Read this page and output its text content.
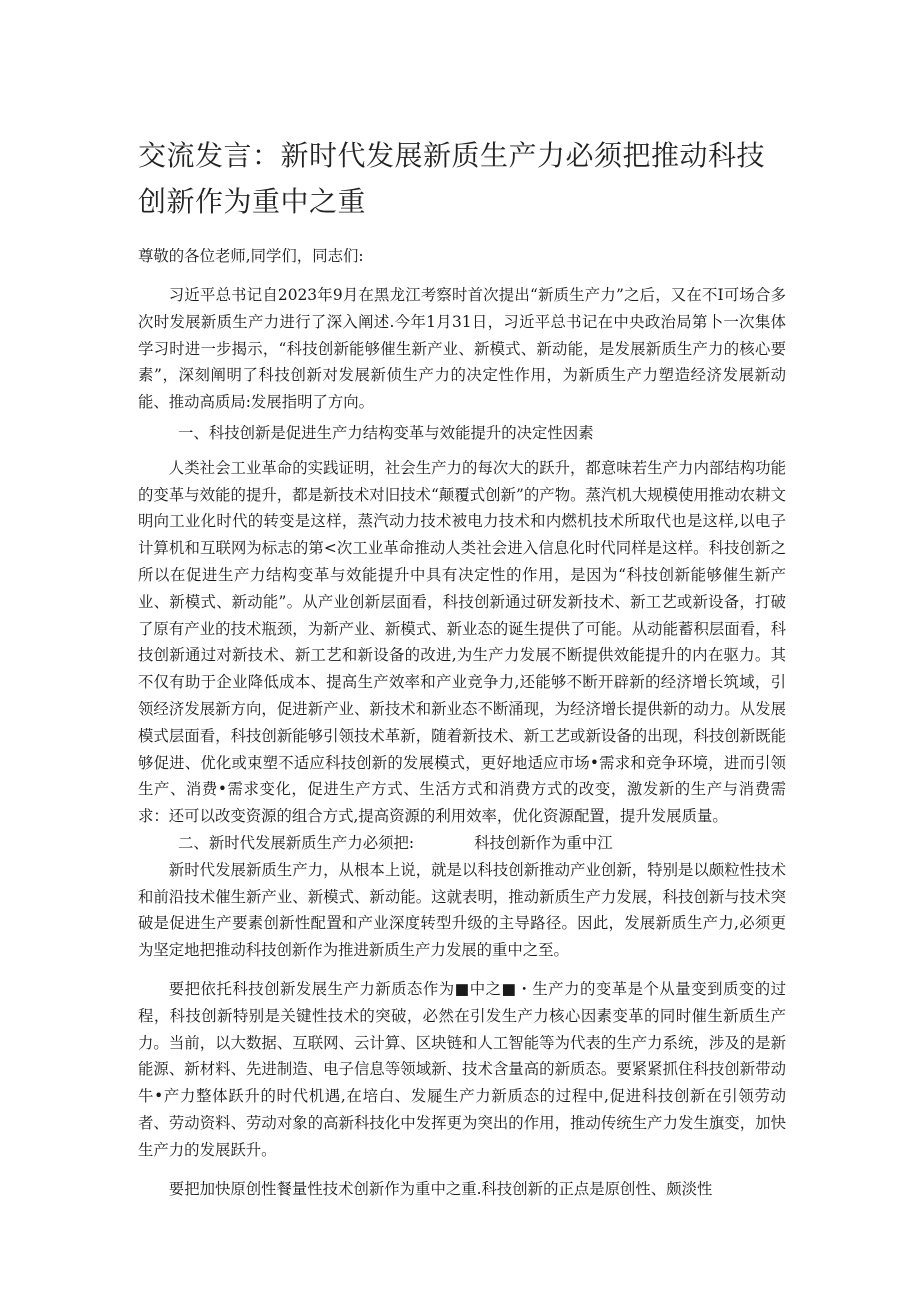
交流发言：新时代发展新质生产力必须把推动科技创新作为重中之重

尊敬的各位老师,同学们，同志们:

习近平总书记自2023年9月在黑龙江考察时首次提出“新质生产力”之后，又在不I可场合多次时发展新质生产力进行了深入阐述.今年1月31日，习近平总书记在中央政治局第卜一次集体学习时进一步揭示，“科技创新能够催生新产业、新模式、新动能，是发展新质生产力的核心要素”，深刻阐明了科技创新对发展新侦生产力的决定性作用，为新质生产力塑造经济发展新动能、推动高质局:发展指明了方向。

一、科技创新是促进生产力结构变革与效能提升的决定性因素

人类社会工业革命的实践证明，社会生产力的每次大的跃升，都意味若生产力内部结构功能的变革与效能的提升，都是新技术对旧技术“颠覆式创新”的产物。蒸汽机大规模使用推动农耕文明向工业化时代的转变是这样，蒸汽动力技术被电力技术和内燃机技术所取代也是这样,以电子计算机和互联网为标志的第<次工业革命推动人类社会进入信息化时代同样是这样。科技创新之所以在促进生产力结构变革与效能提升中具有决定性的作用，是因为“科技创新能够催生新产业、新模式、新动能”。从产业创新层面看，科技创新通过研发新技术、新工艺或新设备，打破了原有产业的技术瓶颈，为新产业、新模式、新业态的诞生提供了可能。从动能蓄积层面看，科技创新通过对新技术、新工艺和新设备的改进,为生产力发展不断提供效能提升的内在驱力。其不仅有助于企业降低成本、提高生产效率和产业竞争力,还能够不断开辟新的经济增长筑域，引领经济发展新方向，促进新产业、新技术和新业态不断涌现，为经济增长提供新的动力。从发展模式层面看，科技创新能够引领技术革新，随着新技术、新工艺或新设备的出现，科技创新既能够促进、优化或束塑不适应科技创新的发展模式，更好地适应市场•需求和竞争环境，进而引领生产、消费•需求变化，促进生产方式、生活方式和消费方式的改变，激发新的生产与消费需求：还可以改变资源的组合方式,提高资源的利用效率，优化资源配置，提升发展质量。

二、新时代发展新质生产力必须把:	科技创新作为重中江

新时代发展新质生产力，从根本上说，就是以科技创新推动产业创新，特别是以颇粒性技术和前沿技术催生新产业、新模式、新动能。这就表明，推动新质生产力发展，科技创新与技术突破是促进生产要素创新性配置和产业深度转型升级的主导路径。因此，发展新质生产力,必须更为坚定地把推动科技创新作为推进新质生产力发展的重中之至。

要把依托科技创新发展生产力新质态作为■中之■・生产力的变革是个从量变到质变的过程，科技创新特别是关键性技术的突破，必然在引发生产力核心因素变革的同时催生新质生产力。当前，以大数据、互联网、云计算、区块链和人工智能等为代表的生产力系统，涉及的是新能源、新材料、先进制造、电子信息等领域新、技术含量高的新质态。要紧紧抓住科技创新带动牛•产力整体跃升的时代机遇,在培白、发屣生产力新质态的过程中,促进科技创新在引领劳动者、劳动资料、劳动对象的高新科技化中发挥更为突出的作用，推动传统生产力发生旗变，加快生产力的发展跃升。

要把加快原创性餐量性技术创新作为重中之重.科技创新的正点是原创性、颇淡性
